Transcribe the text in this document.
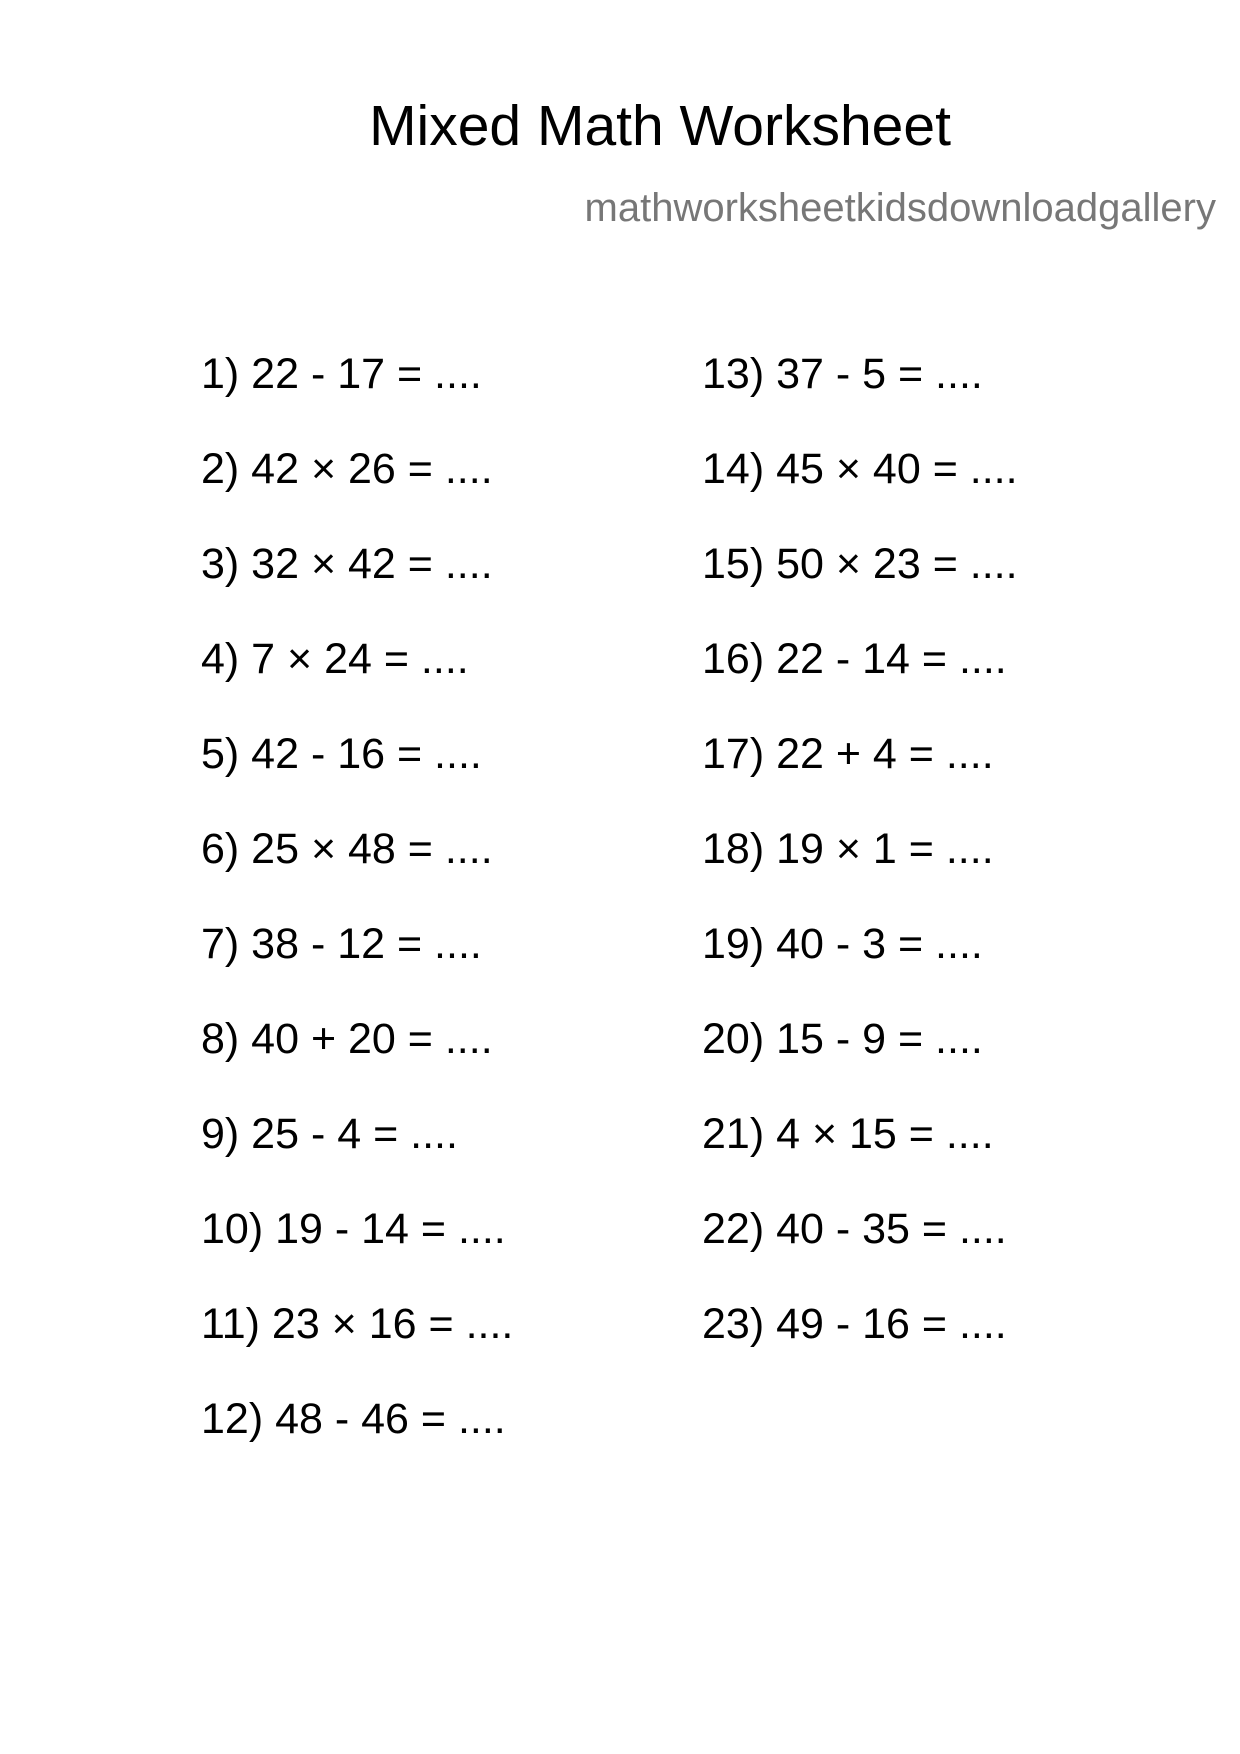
Mixed Math Worksheet
mathworksheetkidsdownloadgallery
1) 22 - 17 = ....
2) 42 × 26 = ....
3) 32 × 42 = ....
4) 7 × 24 = ....
5) 42 - 16 = ....
6) 25 × 48 = ....
7) 38 - 12 = ....
8) 40 + 20 = ....
9) 25 - 4 = ....
10) 19 - 14 = ....
11) 23 × 16 = ....
12) 48 - 46 = ....
13) 37 - 5 = ....
14) 45 × 40 = ....
15) 50 × 23 = ....
16) 22 - 14 = ....
17) 22 + 4 = ....
18) 19 × 1 = ....
19) 40 - 3 = ....
20) 15 - 9 = ....
21) 4 × 15 = ....
22) 40 - 35 = ....
23) 49 - 16 = ....
